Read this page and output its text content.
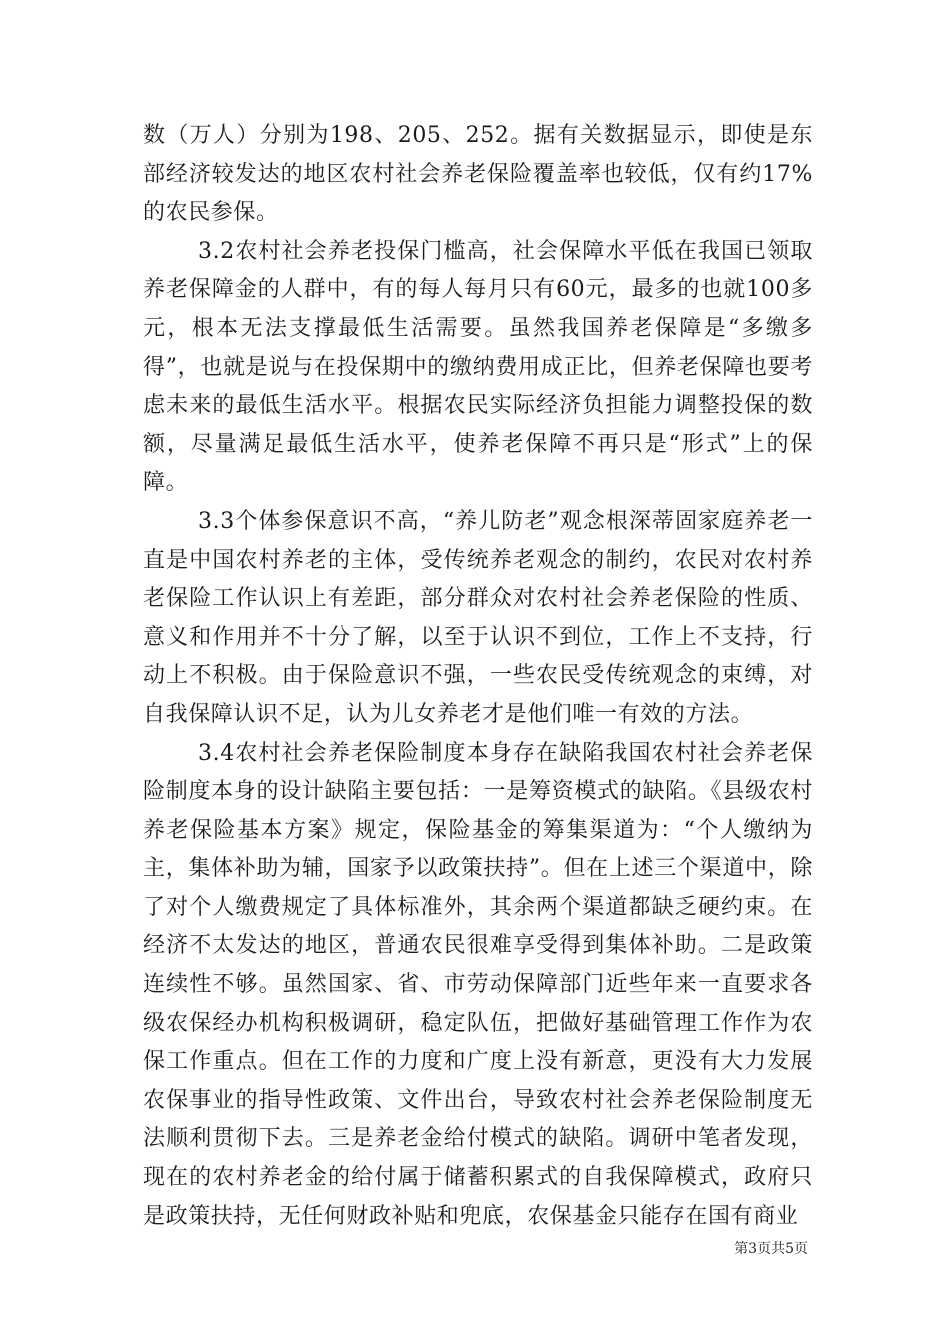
数（万人）分别为198、205、252。据有关数据显示，即使是东部经济较发达的地区农村社会养老保险覆盖率也较低，仅有约17%的农民参保。

3.2农村社会养老投保门槛高，社会保障水平低在我国已领取养老保障金的人群中，有的每人每月只有60元，最多的也就100多元，根本无法支撑最低生活需要。虽然我国养老保障是“多缴多得”，也就是说与在投保期中的缴纳费用成正比，但养老保障也要考虑未来的最低生活水平。根据农民实际经济负担能力调整投保的数额，尽量满足最低生活水平，使养老保障不再只是“形式”上的保障。

3.3个体参保意识不高，“养儿防老”观念根深蒂固家庭养老一直是中国农村养老的主体，受传统养老观念的制约，农民对农村养老保险工作认识上有差距，部分群众对农村社会养老保险的性质、意义和作用并不十分了解，以至于认识不到位，工作上不支持，行动上不积极。由于保险意识不强，一些农民受传统观念的束缚，对自我保障认识不足，认为儿女养老才是他们唯一有效的方法。

3.4农村社会养老保险制度本身存在缺陷我国农村社会养老保险制度本身的设计缺陷主要包括：一是筹资模式的缺陷。《县级农村养老保险基本方案》规定，保险基金的筹集渠道为：“个人缴纳为主，集体补助为辅，国家予以政策扶持”。但在上述三个渠道中，除了对个人缴费规定了具体标准外，其余两个渠道都缺乏硬约束。在经济不太发达的地区，普通农民很难享受得到集体补助。二是政策连续性不够。虽然国家、省、市劳动保障部门近些年来一直要求各级农保经办机构积极调研，稳定队伍，把做好基础管理工作作为农保工作重点。但在工作的力度和广度上没有新意，更没有大力发展农保事业的指导性政策、文件出台，导致农村社会养老保险制度无法顺利贯彻下去。三是养老金给付模式的缺陷。调研中笔者发现，现在的农村养老金的给付属于储蓄积累式的自我保障模式，政府只是政策扶持，无任何财政补贴和兜底，农保基金只能存在国有商业

第3页共5页
